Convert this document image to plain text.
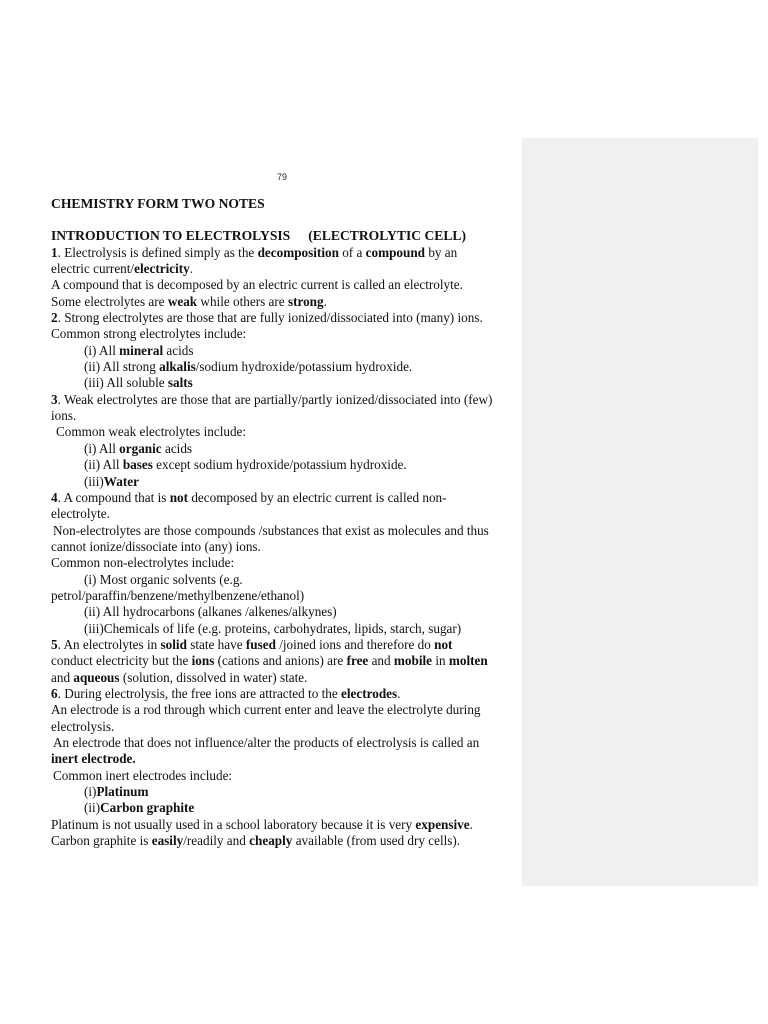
79

CHEMISTRY FORM TWO NOTES

INTRODUCTION TO ELECTROLYSIS (ELECTROLYTIC CELL)

1. Electrolysis is defined simply as the decomposition of a compound by an

electric current/electricity.

A compound that is decomposed by an electric current is called an electrolyte.

Some electrolytes are weak while others are strong.

2. Strong electrolytes are those that are fully ionized/dissociated into (many) ions.

Common strong electrolytes include:

(i) All mineral acids

(ii) All strong alkalis/sodium hydroxide/potassium hydroxide.

(iii) All soluble salts

3. Weak electrolytes are those that are partially/partly ionized/dissociated into (few)

ions.

Common weak electrolytes include:

(i) All organic acids

(ii) All bases except sodium hydroxide/potassium hydroxide.

(iii)Water

4. A compound that is not decomposed by an electric current is called non-

electrolyte.

Non-electrolytes are those compounds /substances that exist as molecules and thus

cannot ionize/dissociate into (any) ions.

Common non-electrolytes include:

(i) Most organic solvents (e.g.

petrol/paraffin/benzene/methylbenzene/ethanol)

(ii) All hydrocarbons (alkanes /alkenes/alkynes)

(iii)Chemicals of life (e.g. proteins, carbohydrates, lipids, starch, sugar)

5. An electrolytes in solid state have fused /joined ions and therefore do not

conduct electricity but the ions (cations and anions) are free and mobile in molten

and aqueous (solution, dissolved in water) state.

6. During electrolysis, the free ions are attracted to the electrodes.

An electrode is a rod through which current enter and leave the electrolyte during

electrolysis.

An electrode that does not influence/alter the products of electrolysis is called an

inert electrode.

Common inert electrodes include:

(i)Platinum

(ii)Carbon graphite

Platinum is not usually used in a school laboratory because it is very expensive.

Carbon graphite is easily/readily and cheaply available (from used dry cells).
